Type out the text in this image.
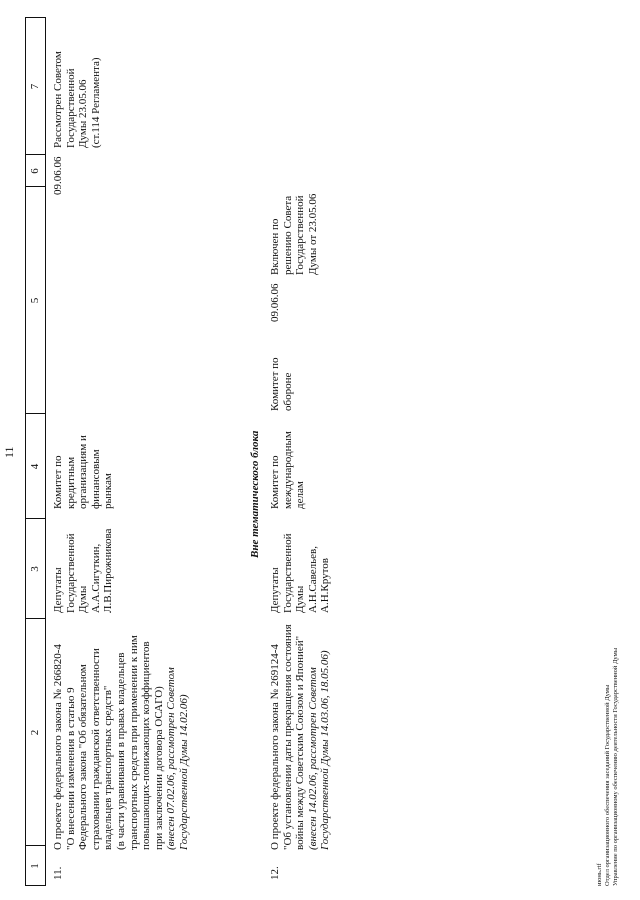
11
1
2
3
4
5
6
7
11.
О проекте федерального закона № 266820-4 "О внесении изменения в статью 9 Федерального закона "Об обязательном страховании гражданской ответственности владельцев транспортных средств" (в части уравнивания в правах владельцев транспортных средств при применении к ним повышающих-понижающих коэффициентов при заключении договора ОСАГО) (внесен 07.02.06, рассмотрен Советом Государственной Думы 14.02.06)
Депутаты Государственной Думы А.А.Сигуткин, Л.В.Пирожникова
Комитет по кредитным организациям и финансовым рынкам
09.06.06
Рассмотрен Советом Государственной Думы 23.05.06 (ст.114 Регламента)
Вне тематического блока
12.
О проекте федерального закона № 269124-4 "Об установлении даты прекращения состояния войны между Советским Союзом и Японией" (внесен 14.02.06, рассмотрен Советом Государственной Думы 14.03.06, 18.05.06)
Депутаты Государственной Думы А.Н.Савельев, А.Н.Крутов
Комитет по международным делам
Комитет по обороне
09.06.06
Включен по решению Совета Государственной Думы от 23.05.06
июнь.rtf Отдел организационного обеспечения заседаний Государственной Думы Управление по организационному обеспечению деятельности Государственной Думы
